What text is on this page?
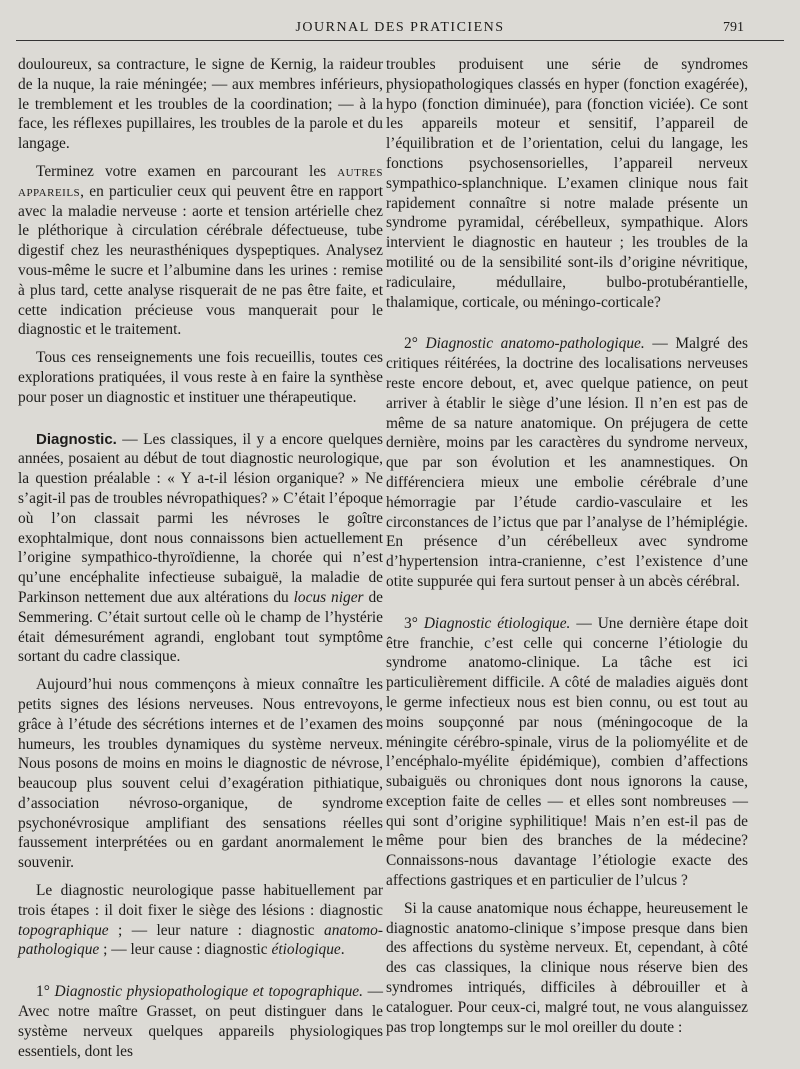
JOURNAL DES PRATICIENS	791

douloureux, sa contracture, le signe de Kernig, la raideur de la nuque, la raie méningée; — aux membres inférieurs, le tremblement et les troubles de la coordination; — à la face, les réflexes pupillaires, les troubles de la parole et du langage.

Terminez votre examen en parcourant les autres appareils, en particulier ceux qui peuvent être en rapport avec la maladie nerveuse : aorte et tension artérielle chez le pléthorique à circulation cérébrale défectueuse, tube digestif chez les neurasthéniques dyspeptiques. Analysez vous-même le sucre et l’albumine dans les urines : remise à plus tard, cette analyse risquerait de ne pas être faite, et cette indication précieuse vous manquerait pour le diagnostic et le traitement.

Tous ces renseignements une fois recueillis, toutes ces explorations pratiquées, il vous reste à en faire la synthèse pour poser un diagnostic et instituer une thérapeutique.

Diagnostic. — Les classiques, il y a encore quelques années, posaient au début de tout diagnostic neurologique, la question préalable : « Y a-t-il lésion organique? » Ne s’agit-il pas de troubles névropathiques? » C’était l’époque où l’on classait parmi les névroses le goître exophtalmique, dont nous connaissons bien actuellement l’origine sympathico-thyroïdienne, la chorée qui n’est qu’une encéphalite infectieuse subaiguë, la maladie de Parkinson nettement due aux altérations du locus niger de Semmering. C’était surtout celle où le champ de l’hystérie était démesurément agrandi, englobant tout symptôme sortant du cadre classique.

Aujourd’hui nous commençons à mieux connaître les petits signes des lésions nerveuses. Nous entrevoyons, grâce à l’étude des sécrétions internes et de l’examen des humeurs, les troubles dynamiques du système nerveux. Nous posons de moins en moins le diagnostic de névrose, beaucoup plus souvent celui d’exagération pithiatique, d’association névroso-organique, de syndrome psychonévrosique amplifiant des sensations réelles faussement interprétées ou en gardant anormalement le souvenir.

Le diagnostic neurologique passe habituellement par trois étapes : il doit fixer le siège des lésions : diagnostic topographique ; — leur nature : diagnostic anatomo-pathologique ; — leur cause : diagnostic étiologique.

1° Diagnostic physiopathologique et topographique. — Avec notre maître Grasset, on peut distinguer dans le système nerveux quelques appareils physiologiques essentiels, dont les

troubles produisent une série de syndromes physiopathologiques classés en hyper (fonction exagérée), hypo (fonction diminuée), para (fonction viciée). Ce sont les appareils moteur et sensitif, l’appareil de l’équilibration et de l’orientation, celui du langage, les fonctions psychosensorielles, l’appareil nerveux sympathico-splanchnique. L’examen clinique nous fait rapidement connaître si notre malade présente un syndrome pyramidal, cérébelleux, sympathique. Alors intervient le diagnostic en hauteur ; les troubles de la motilité ou de la sensibilité sont-ils d’origine névritique, radiculaire, médullaire, bulbo-protubérantielle, thalamique, corticale, ou méningo-corticale?

2° Diagnostic anatomo-pathologique. — Malgré des critiques réitérées, la doctrine des localisations nerveuses reste encore debout, et, avec quelque patience, on peut arriver à établir le siège d’une lésion. Il n’en est pas de même de sa nature anatomique. On préjugera de cette dernière, moins par les caractères du syndrome nerveux, que par son évolution et les anamnestiques. On différenciera mieux une embolie cérébrale d’une hémorragie par l’étude cardio-vasculaire et les circonstances de l’ictus que par l’analyse de l’hémiplégie. En présence d’un cérébelleux avec syndrome d’hypertension intra-cranienne, c’est l’existence d’une otite suppurée qui fera surtout penser à un abcès cérébral.

3° Diagnostic étiologique. — Une dernière étape doit être franchie, c’est celle qui concerne l’étiologie du syndrome anatomo-clinique. La tâche est ici particulièrement difficile. A côté de maladies aiguës dont le germe infectieux nous est bien connu, ou est tout au moins soupçonné par nous (méningocoque de la méningite cérébro-spinale, virus de la poliomyélite et de l’encéphalo-myélite épidémique), combien d’affections subaiguës ou chroniques dont nous ignorons la cause, exception faite de celles — et elles sont nombreuses — qui sont d’origine syphilitique! Mais n’en est-il pas de même pour bien des branches de la médecine? Connaissons-nous davantage l’étiologie exacte des affections gastriques et en particulier de l’ulcus ?

Si la cause anatomique nous échappe, heureusement le diagnostic anatomo-clinique s’impose presque dans bien des affections du système nerveux. Et, cependant, à côté des cas classiques, la clinique nous réserve bien des syndromes intriqués, difficiles à débrouiller et à cataloguer. Pour ceux-ci, malgré tout, ne vous alanguissez pas trop longtemps sur le mol oreiller du doute :
